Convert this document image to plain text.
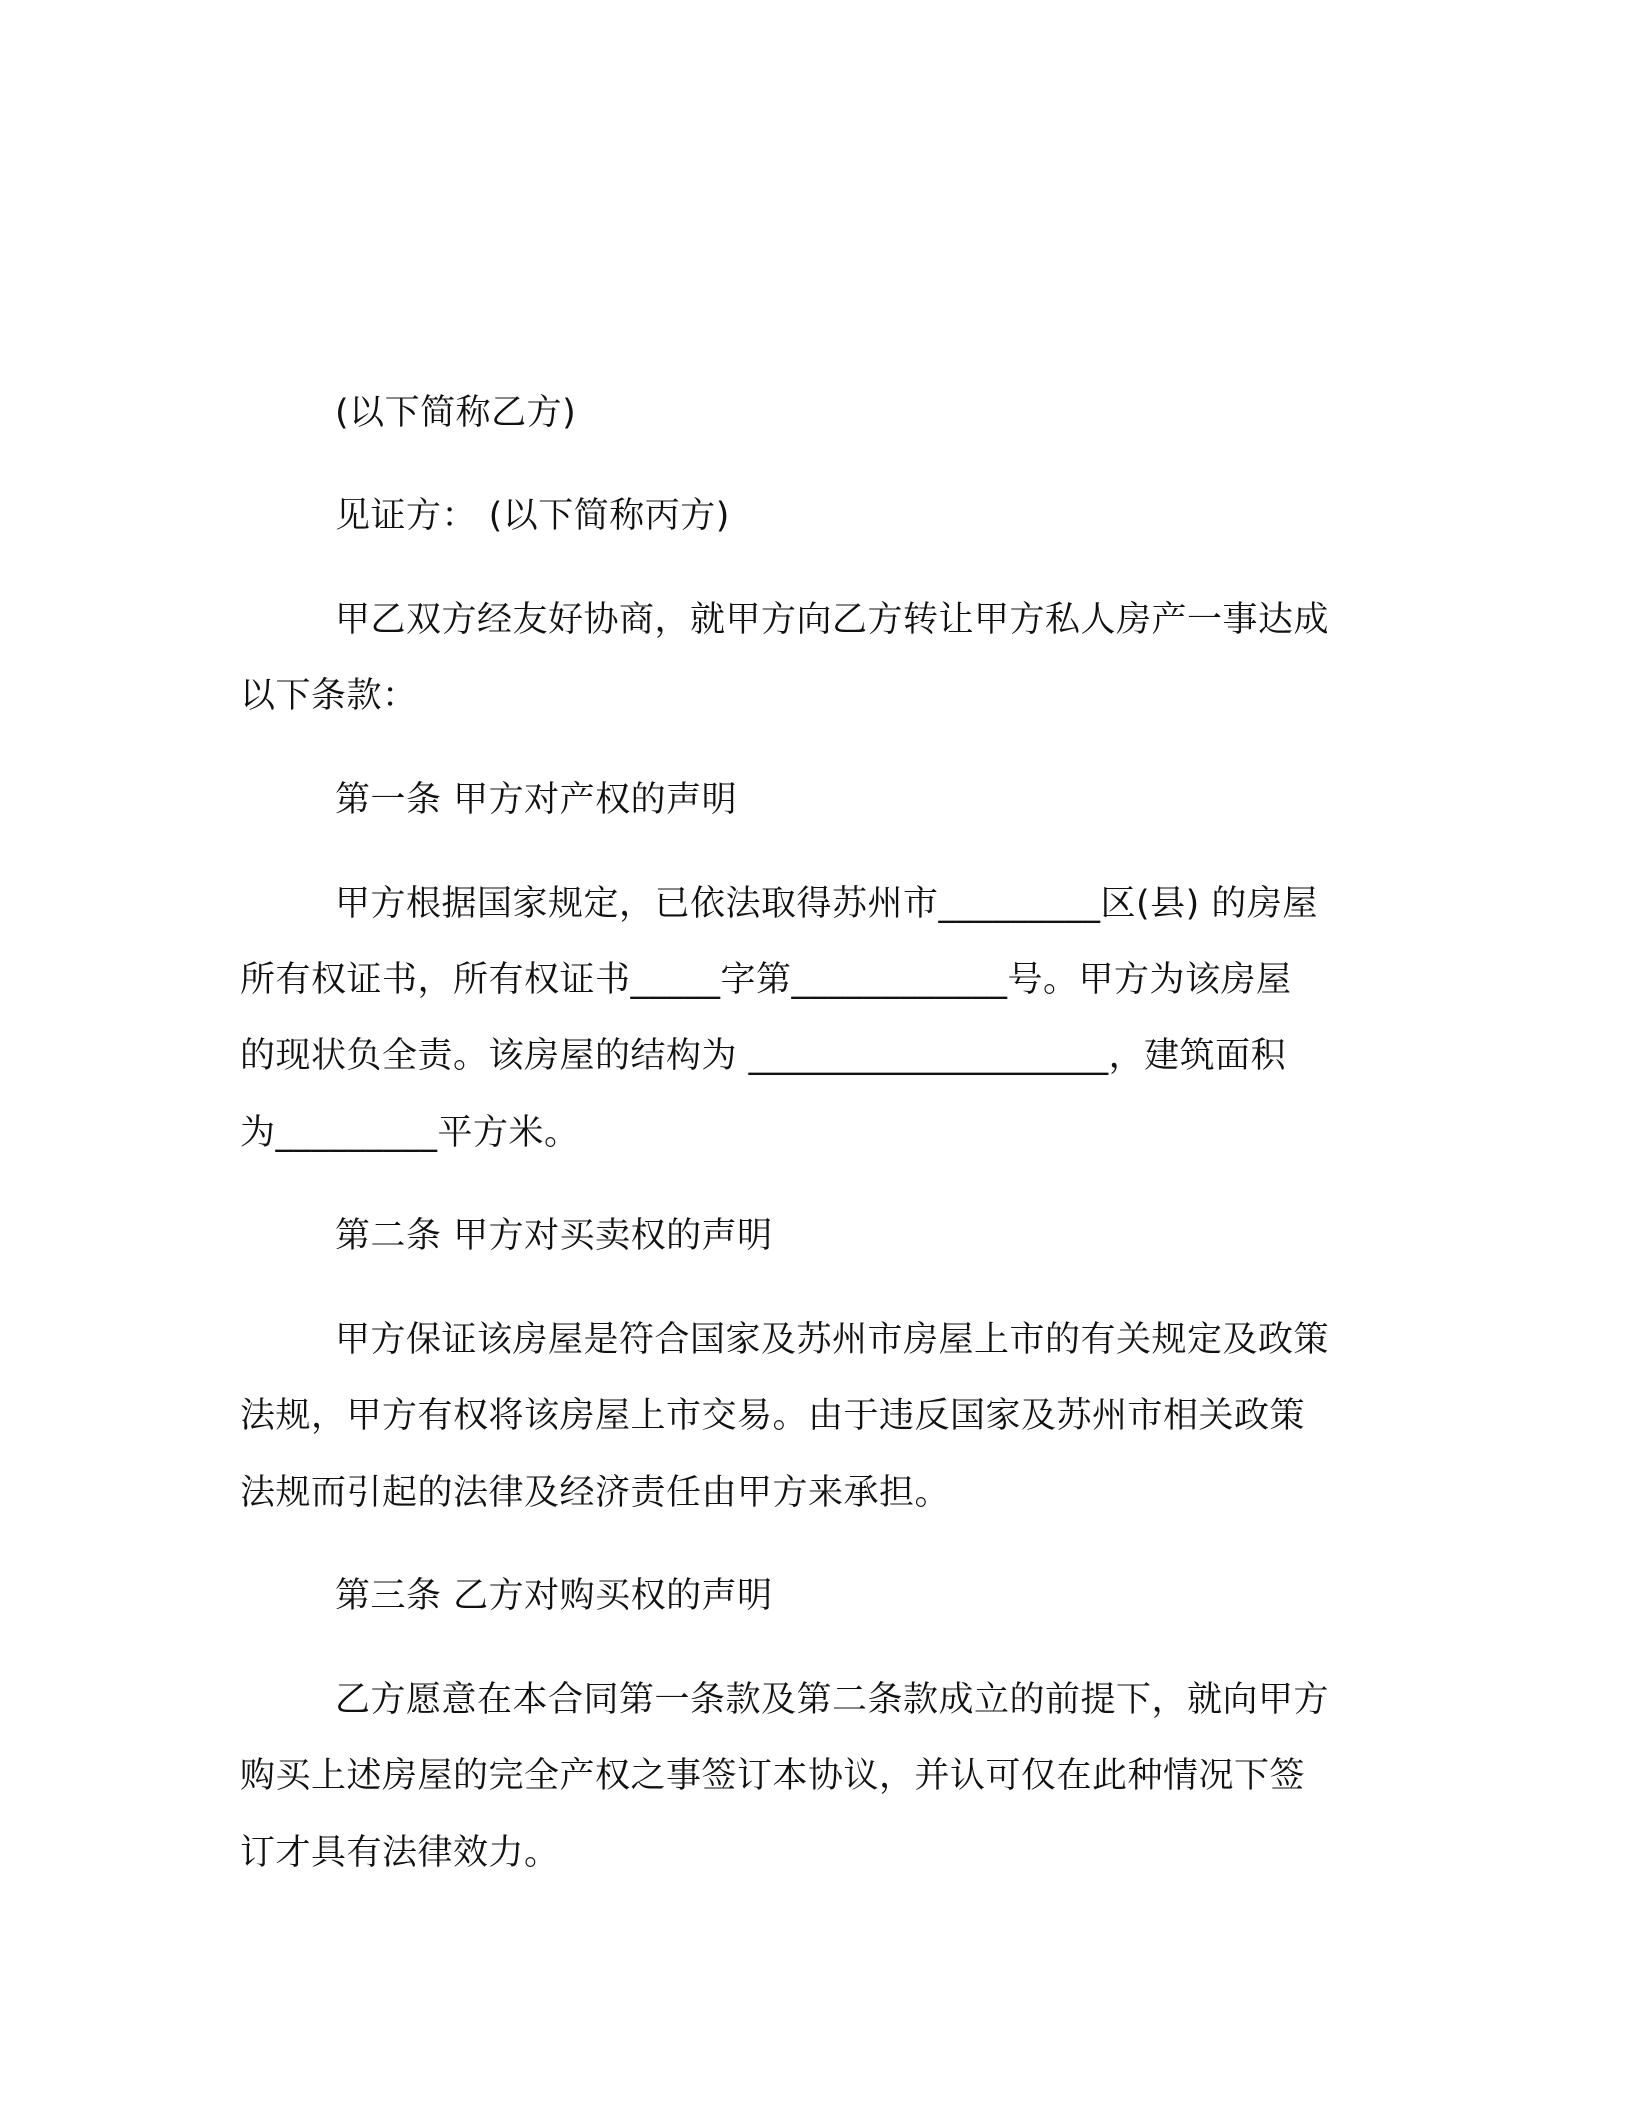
(以下简称乙方)

见证方： (以下简称丙方)

甲乙双方经友好协商，就甲方向乙方转让甲方私人房产一事达成

以下条款：

第一条 甲方对产权的声明

甲方根据国家规定，已依法取得苏州市_________区(县) 的房屋

所有权证书，所有权证书_____字第____________号。甲方为该房屋

的现状负全责。该房屋的结构为 ____________________，建筑面积

为_________平方米。

第二条 甲方对买卖权的声明

甲方保证该房屋是符合国家及苏州市房屋上市的有关规定及政策

法规，甲方有权将该房屋上市交易。由于违反国家及苏州市相关政策

法规而引起的法律及经济责任由甲方来承担。

第三条 乙方对购买权的声明

乙方愿意在本合同第一条款及第二条款成立的前提下，就向甲方

购买上述房屋的完全产权之事签订本协议，并认可仅在此种情况下签

订才具有法律效力。
